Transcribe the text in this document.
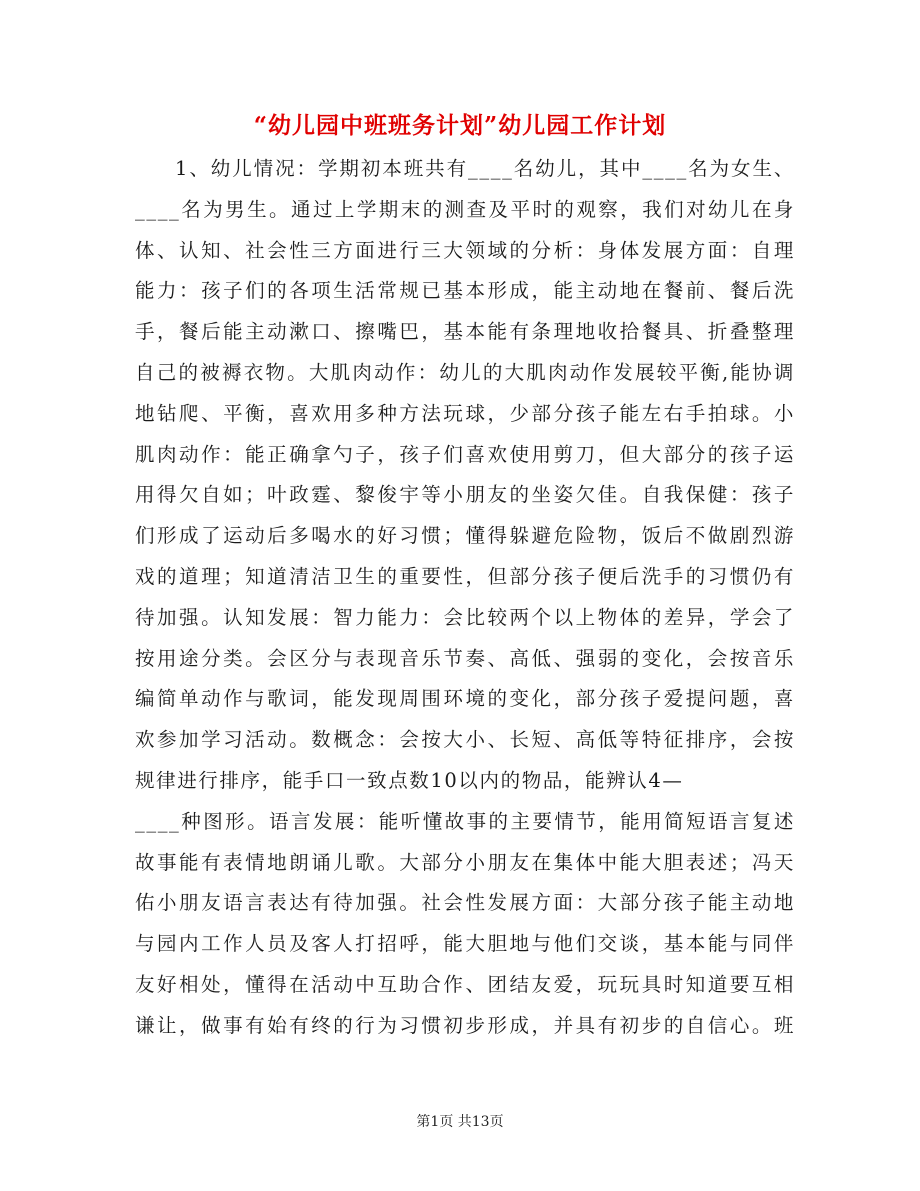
“幼儿园中班班务计划”幼儿园工作计划
1、幼儿情况：学期初本班共有____名幼儿，其中____名为女生、
____名为男生。通过上学期末的测查及平时的观察，我们对幼儿在身
体、认知、社会性三方面进行三大领域的分析：身体发展方面：自理
能力：孩子们的各项生活常规已基本形成，能主动地在餐前、餐后洗
手，餐后能主动漱口、擦嘴巴，基本能有条理地收拾餐具、折叠整理
自己的被褥衣物。大肌肉动作：幼儿的大肌肉动作发展较平衡,能协调
地钻爬、平衡，喜欢用多种方法玩球，少部分孩子能左右手拍球。小
肌肉动作：能正确拿勺子，孩子们喜欢使用剪刀，但大部分的孩子运
用得欠自如；叶政霆、黎俊宇等小朋友的坐姿欠佳。自我保健：孩子
们形成了运动后多喝水的好习惯；懂得躲避危险物，饭后不做剧烈游
戏的道理；知道清洁卫生的重要性，但部分孩子便后洗手的习惯仍有
待加强。认知发展：智力能力：会比较两个以上物体的差异，学会了
按用途分类。会区分与表现音乐节奏、高低、强弱的变化，会按音乐
编简单动作与歌词，能发现周围环境的变化，部分孩子爱提问题，喜
欢参加学习活动。数概念：会按大小、长短、高低等特征排序，会按
规律进行排序，能手口一致点数10以内的物品，能辨认4—
____种图形。语言发展：能听懂故事的主要情节，能用简短语言复述
故事能有表情地朗诵儿歌。大部分小朋友在集体中能大胆表述；冯天
佑小朋友语言表达有待加强。社会性发展方面：大部分孩子能主动地
与园内工作人员及客人打招呼，能大胆地与他们交谈，基本能与同伴
友好相处，懂得在活动中互助合作、团结友爱，玩玩具时知道要互相
谦让，做事有始有终的行为习惯初步形成，并具有初步的自信心。班
第1页 共13页
